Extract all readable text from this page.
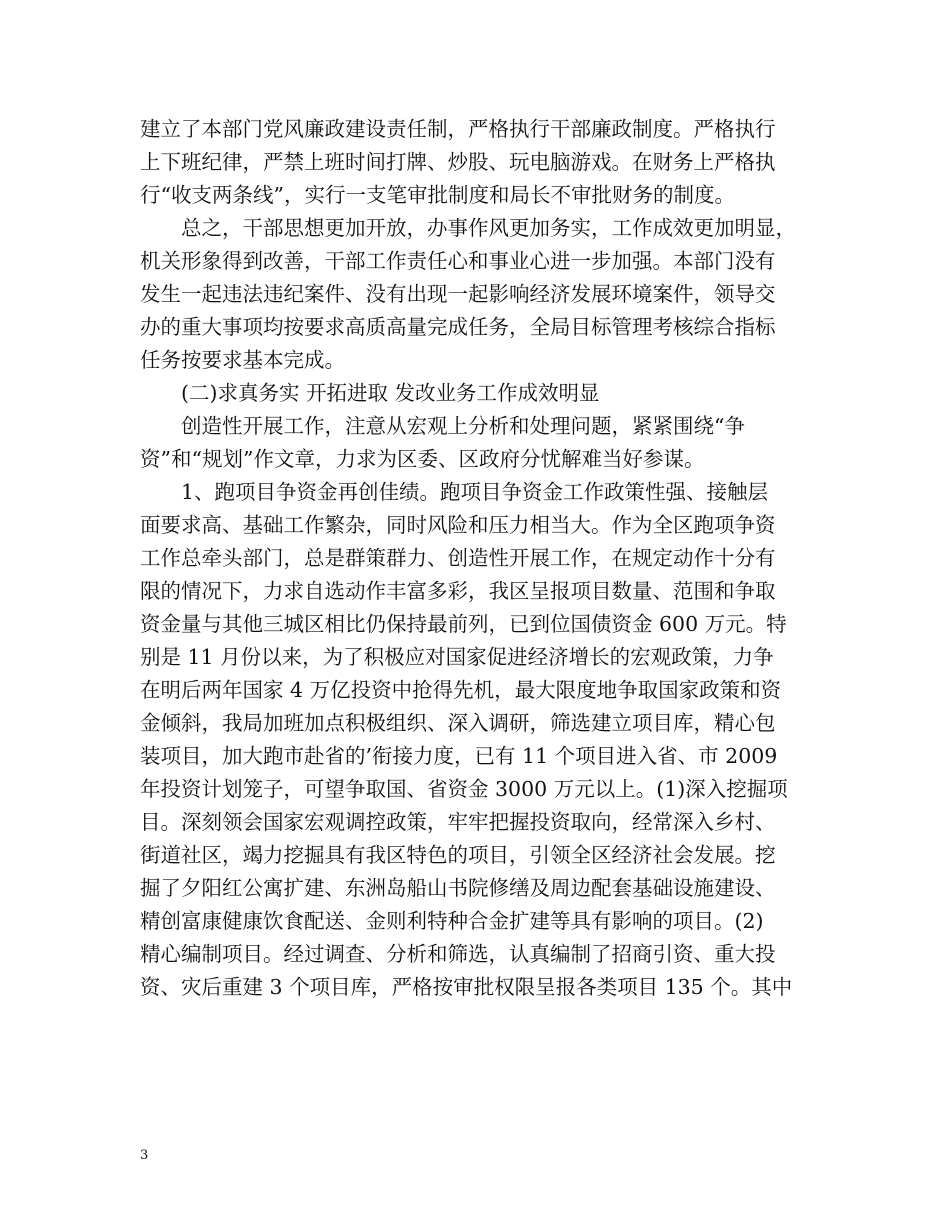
建立了本部门党风廉政建设责任制，严格执行干部廉政制度。严格执行
上下班纪律，严禁上班时间打牌、炒股、玩电脑游戏。在财务上严格执
行“收支两条线”，实行一支笔审批制度和局长不审批财务的制度。
　　总之，干部思想更加开放，办事作风更加务实，工作成效更加明显，
机关形象得到改善，干部工作责任心和事业心进一步加强。本部门没有
发生一起违法违纪案件、没有出现一起影响经济发展环境案件，领导交
办的重大事项均按要求高质高量完成任务，全局目标管理考核综合指标
任务按要求基本完成。
　　(二)求真务实 开拓进取 发改业务工作成效明显
　　创造性开展工作，注意从宏观上分析和处理问题，紧紧围绕“争
资”和“规划”作文章，力求为区委、区政府分忧解难当好参谋。
　　1、跑项目争资金再创佳绩。跑项目争资金工作政策性强、接触层
面要求高、基础工作繁杂，同时风险和压力相当大。作为全区跑项争资
工作总牵头部门，总是群策群力、创造性开展工作，在规定动作十分有
限的情况下，力求自选动作丰富多彩，我区呈报项目数量、范围和争取
资金量与其他三城区相比仍保持最前列，已到位国债资金 600 万元。特
别是 11 月份以来，为了积极应对国家促进经济增长的宏观政策，力争
在明后两年国家 4 万亿投资中抢得先机，最大限度地争取国家政策和资
金倾斜，我局加班加点积极组织、深入调研，筛选建立项目库，精心包
装项目，加大跑市赴省的’衔接力度，已有 11 个项目进入省、市 2009
年投资计划笼子，可望争取国、省资金 3000 万元以上。(1)深入挖掘项
目。深刻领会国家宏观调控政策，牢牢把握投资取向，经常深入乡村、
街道社区，竭力挖掘具有我区特色的项目，引领全区经济社会发展。挖
掘了夕阳红公寓扩建、东洲岛船山书院修缮及周边配套基础设施建设、
精创富康健康饮食配送、金则利特种合金扩建等具有影响的项目。(2)
精心编制项目。经过调查、分析和筛选，认真编制了招商引资、重大投
资、灾后重建 3 个项目库，严格按审批权限呈报各类项目 135 个。其中
3
